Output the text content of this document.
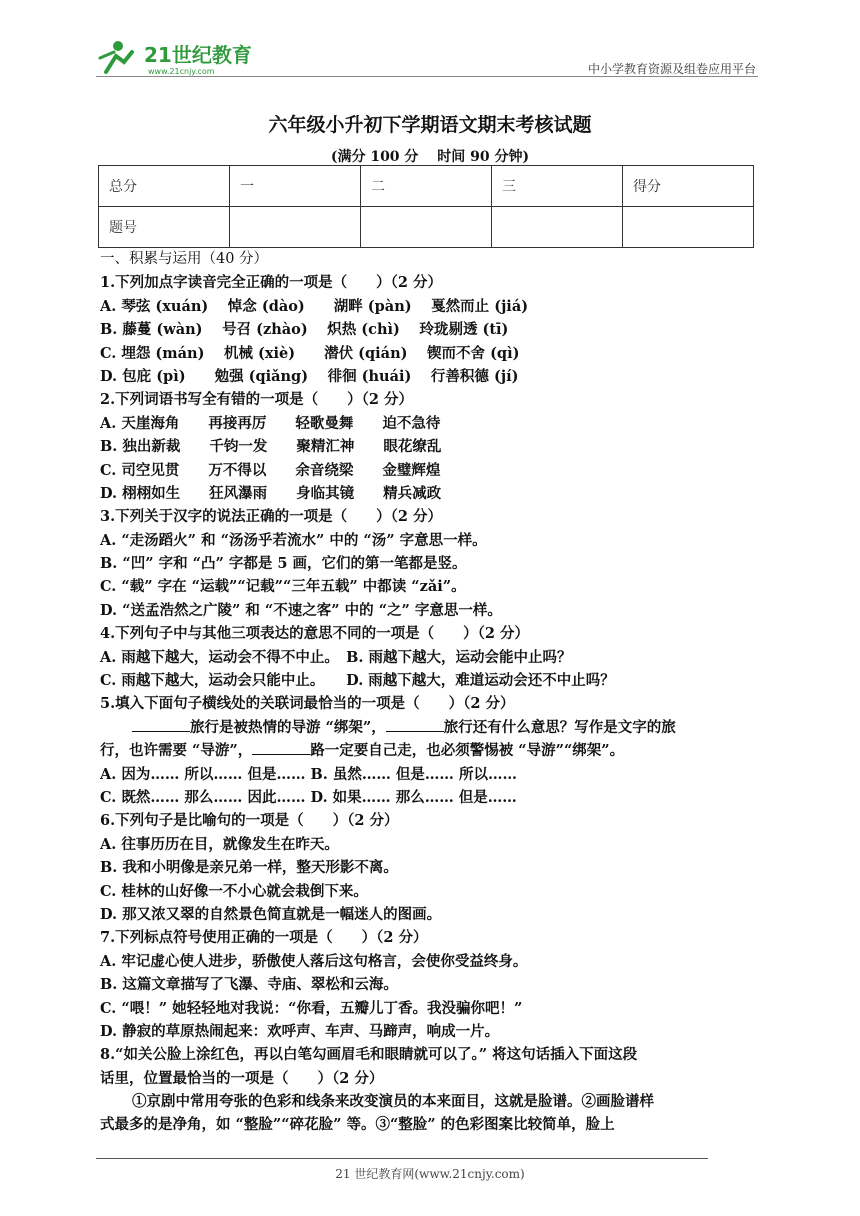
21世纪教育
www.21cnjy.com	中小学教育资源及组卷应用平台
六年级小升初下学期语文期末考核试题
(满分 100 分　 时间 90 分钟)
总分	一	二	三	得分
题号				
一、积累与运用（40 分）
1.下列加点字读音完全正确的一项是（　　）（2 分）
A. 琴弦 (xuán)　 悼念 (dào)　　湖畔 (pàn)　 戛然而止 (jiá)
B. 藤蔓 (wàn)　 号召 (zhào)　 炽热 (chì)　 玲珑剔透 (tī)
C. 埋怨 (mán)　 机械 (xiè)　　潜伏 (qián)　 锲而不舍 (qì)
D. 包庇 (pì)　　勉强 (qiǎng)　 徘徊 (huái)　 行善积德 (jí)
2.下列词语书写全有错的一项是（　　）（2 分）
A. 天崖海角　　再接再厉　　轻歌曼舞　　迫不急待
B. 独出新裁　　千钧一发　　聚精汇神　　眼花缭乱
C. 司空见贯　　万不得以　　余音绕梁　　金璧辉煌
D. 栩栩如生　　狂风瀑雨　　身临其镜　　精兵减政
3.下列关于汉字的说法正确的一项是（　　）（2 分）
A. “走汤蹈火” 和 “汤汤乎若流水” 中的 “汤” 字意思一样。
B. “凹” 字和 “凸” 字都是 5 画，它们的第一笔都是竖。
C. “载” 字在 “运载”“记载”“三年五载” 中都读 “zǎi”。
D. “送孟浩然之广陵” 和 “不速之客” 中的 “之” 字意思一样。
4.下列句子中与其他三项表达的意思不同的一项是（　　）（2 分）
A. 雨越下越大，运动会不得不中止。　B. 雨越下越大，运动会能中止吗？
C. 雨越下越大，运动会只能中止。　　D. 雨越下越大，难道运动会还不中止吗？
5.填入下面句子横线处的关联词最恰当的一项是（　　）（2 分）
旅行是被热情的导游 “绑架”，	旅行还有什么意思？写作是文字的旅
行，也许需要 “导游”，	路一定要自己走，也必须警惕被 “导游”“绑架”。
A. 因为…… 所以…… 但是…… B. 虽然…… 但是…… 所以……
C. 既然…… 那么…… 因此…… D. 如果…… 那么…… 但是……
6.下列句子是比喻句的一项是（　　）（2 分）
A. 往事历历在目，就像发生在昨天。
B. 我和小明像是亲兄弟一样，整天形影不离。
C. 桂林的山好像一不小心就会栽倒下来。
D. 那又浓又翠的自然景色简直就是一幅迷人的图画。
7.下列标点符号使用正确的一项是（　　）（2 分）
A. 牢记虚心使人进步，骄傲使人落后这句格言，会使你受益终身。
B. 这篇文章描写了飞瀑、寺庙、翠松和云海。
C. “喂！” 她轻轻地对我说：“你看，五瓣儿丁香。我没骗你吧！”
D. 静寂的草原热闹起来：欢呼声、车声、马蹄声，响成一片。
8.“如关公脸上涂红色，再以白笔勾画眉毛和眼睛就可以了。” 将这句话插入下面这段
话里，位置最恰当的一项是（　　）（2 分）
①京剧中常用夸张的色彩和线条来改变演员的本来面目，这就是脸谱。②画脸谱样
式最多的是净角，如 “整脸”“碎花脸” 等。③“整脸” 的色彩图案比较简单，脸上
21 世纪教育网(www.21cnjy.com)
